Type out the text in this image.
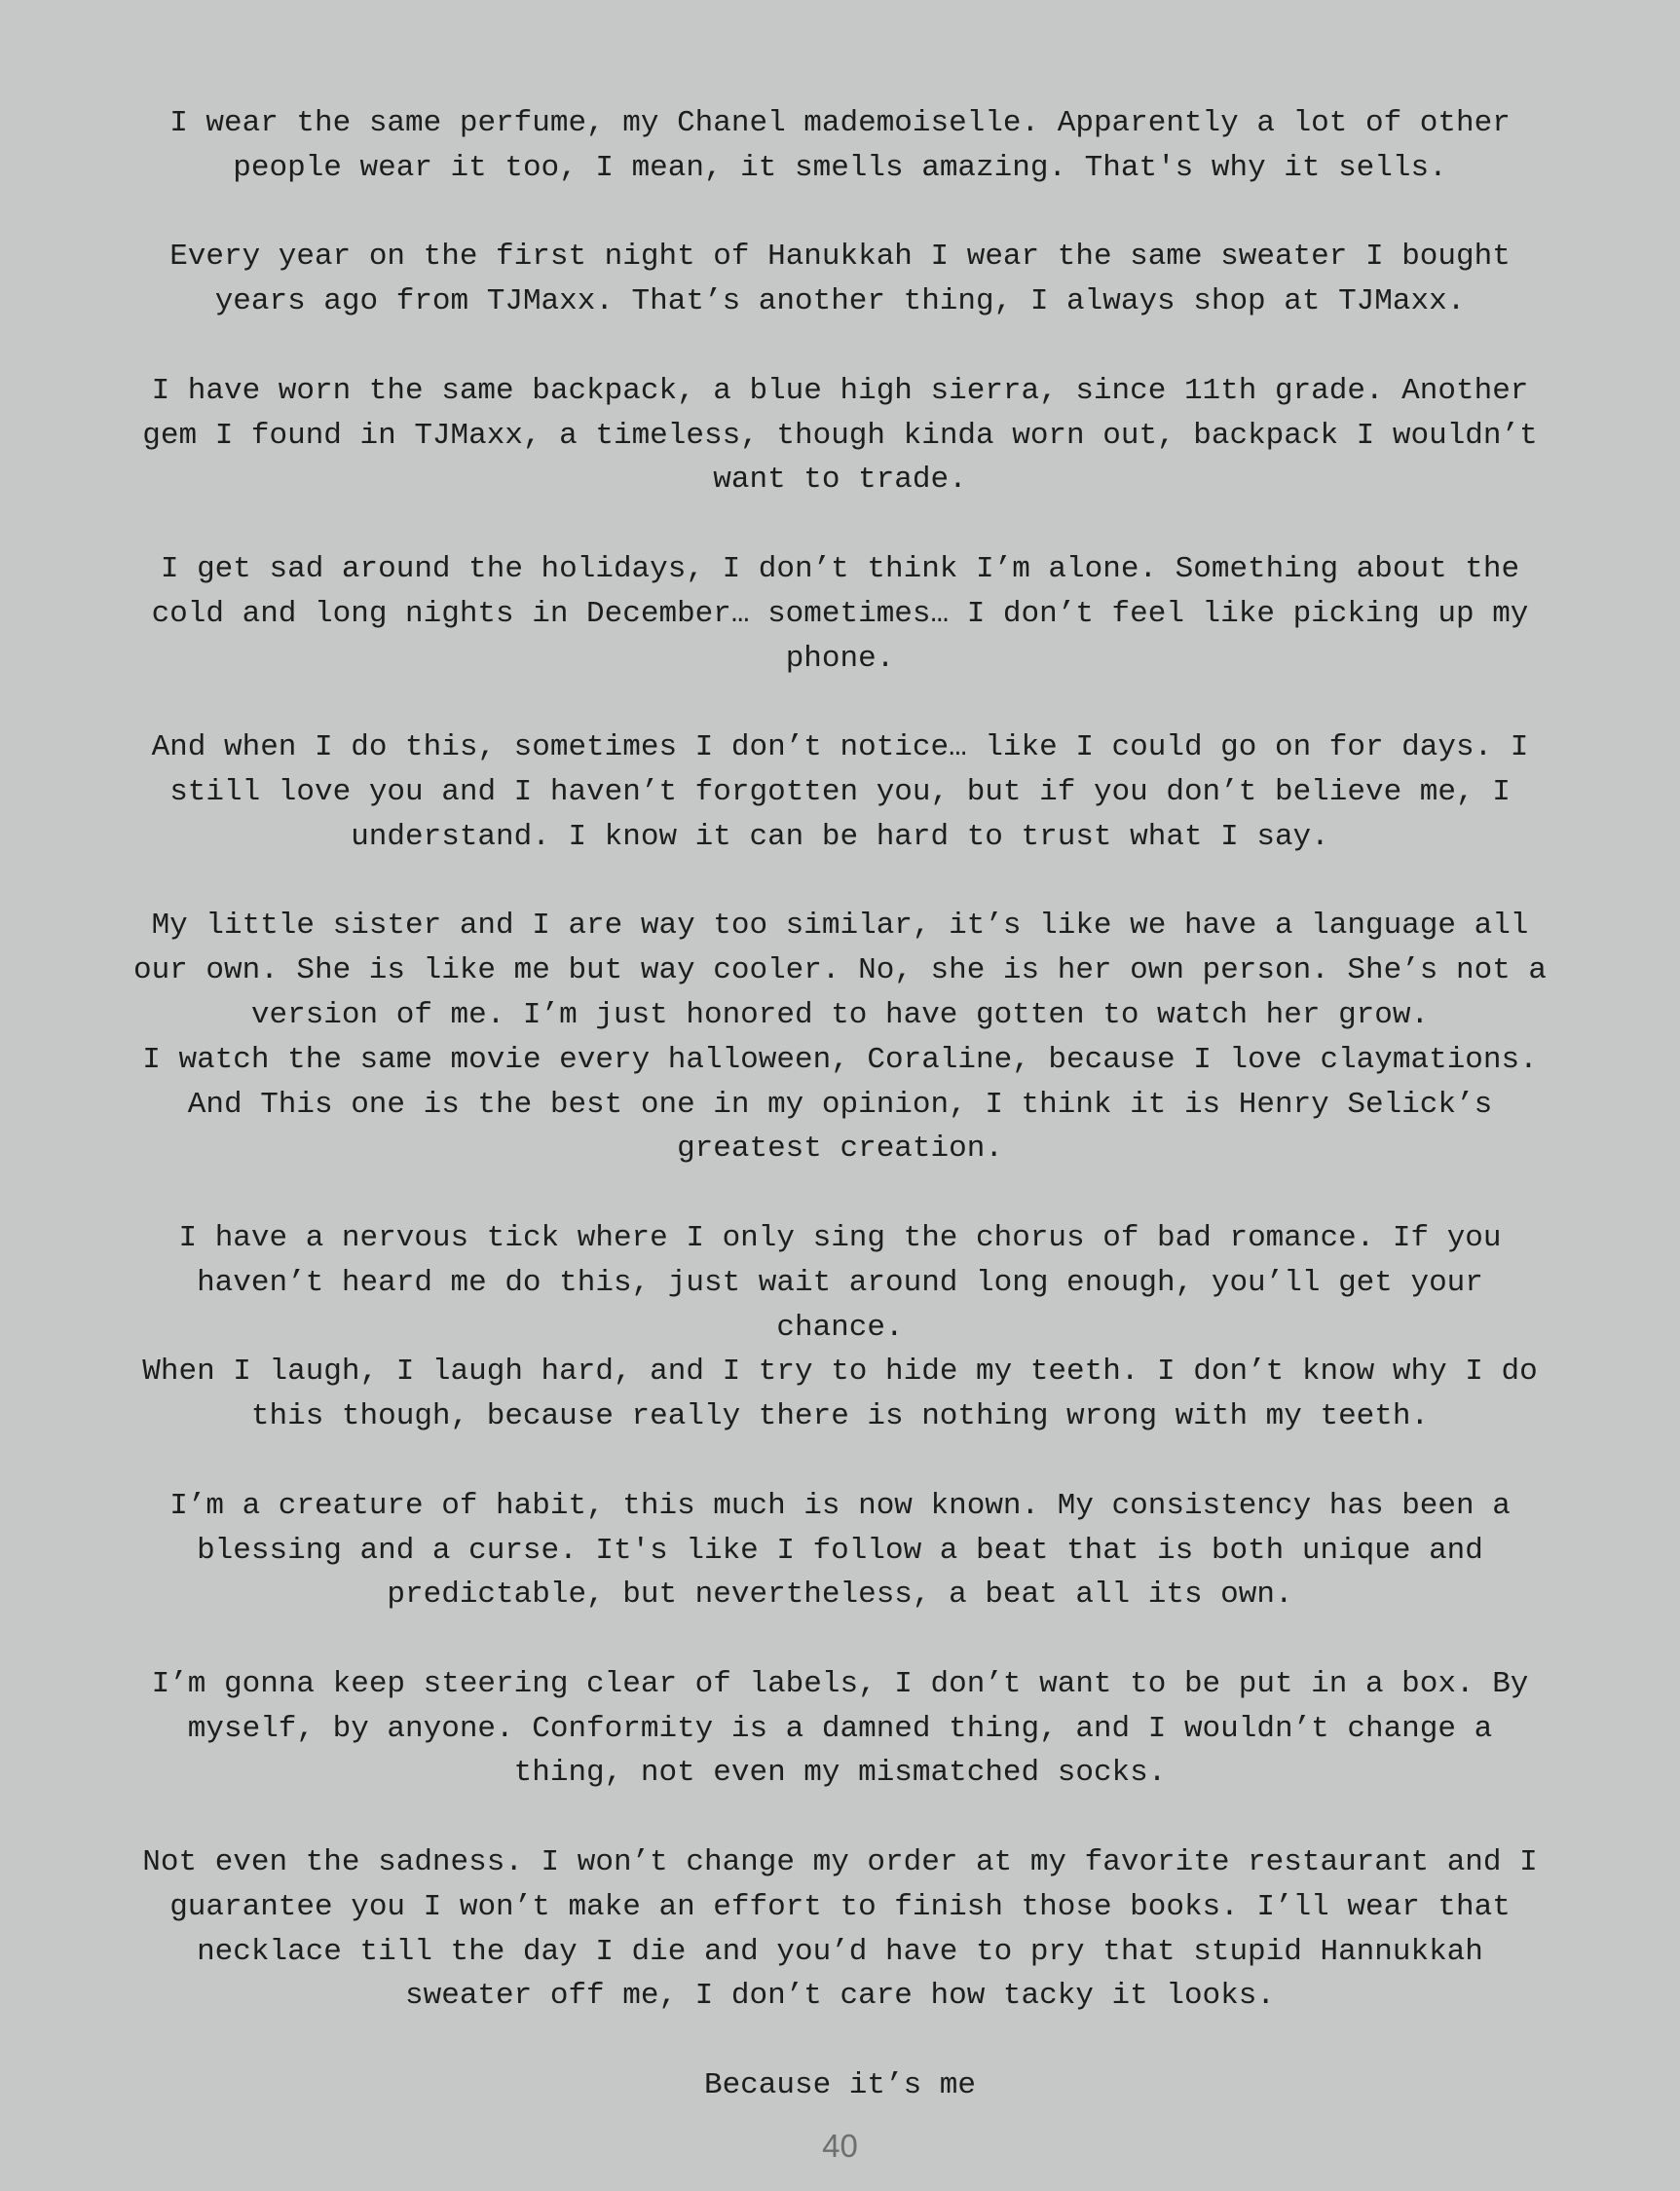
I wear the same perfume, my Chanel mademoiselle. Apparently a lot of other
people wear it too, I mean, it smells amazing. That's why it sells.
Every year on the first night of Hanukkah I wear the same sweater I bought
years ago from TJMaxx. That’s another thing, I always shop at TJMaxx.
I have worn the same backpack, a blue high sierra, since 11th grade. Another
gem I found in TJMaxx, a timeless, though kinda worn out, backpack I wouldn’t
want to trade.
I get sad around the holidays, I don’t think I’m alone. Something about the
cold and long nights in December… sometimes… I don’t feel like picking up my
phone.
And when I do this, sometimes I don’t notice… like I could go on for days. I
still love you and I haven’t forgotten you, but if you don’t believe me, I
understand. I know it can be hard to trust what I say.
My little sister and I are way too similar, it’s like we have a language all
our own. She is like me but way cooler. No, she is her own person. She’s not a
version of me. I’m just honored to have gotten to watch her grow.
I watch the same movie every halloween, Coraline, because I love claymations.
And This one is the best one in my opinion, I think it is Henry Selick’s
greatest creation.
I have a nervous tick where I only sing the chorus of bad romance. If you
haven’t heard me do this, just wait around long enough, you’ll get your
chance.
When I laugh, I laugh hard, and I try to hide my teeth. I don’t know why I do
this though, because really there is nothing wrong with my teeth.
I’m a creature of habit, this much is now known. My consistency has been a
blessing and a curse. It's like I follow a beat that is both unique and
predictable, but nevertheless, a beat all its own.
I’m gonna keep steering clear of labels, I don’t want to be put in a box. By
myself, by anyone. Conformity is a damned thing, and I wouldn’t change a
thing, not even my mismatched socks.
Not even the sadness. I won’t change my order at my favorite restaurant and I
guarantee you I won’t make an effort to finish those books. I’ll wear that
necklace till the day I die and you’d have to pry that stupid Hannukkah
sweater off me, I don’t care how tacky it looks.
Because it’s me
40
